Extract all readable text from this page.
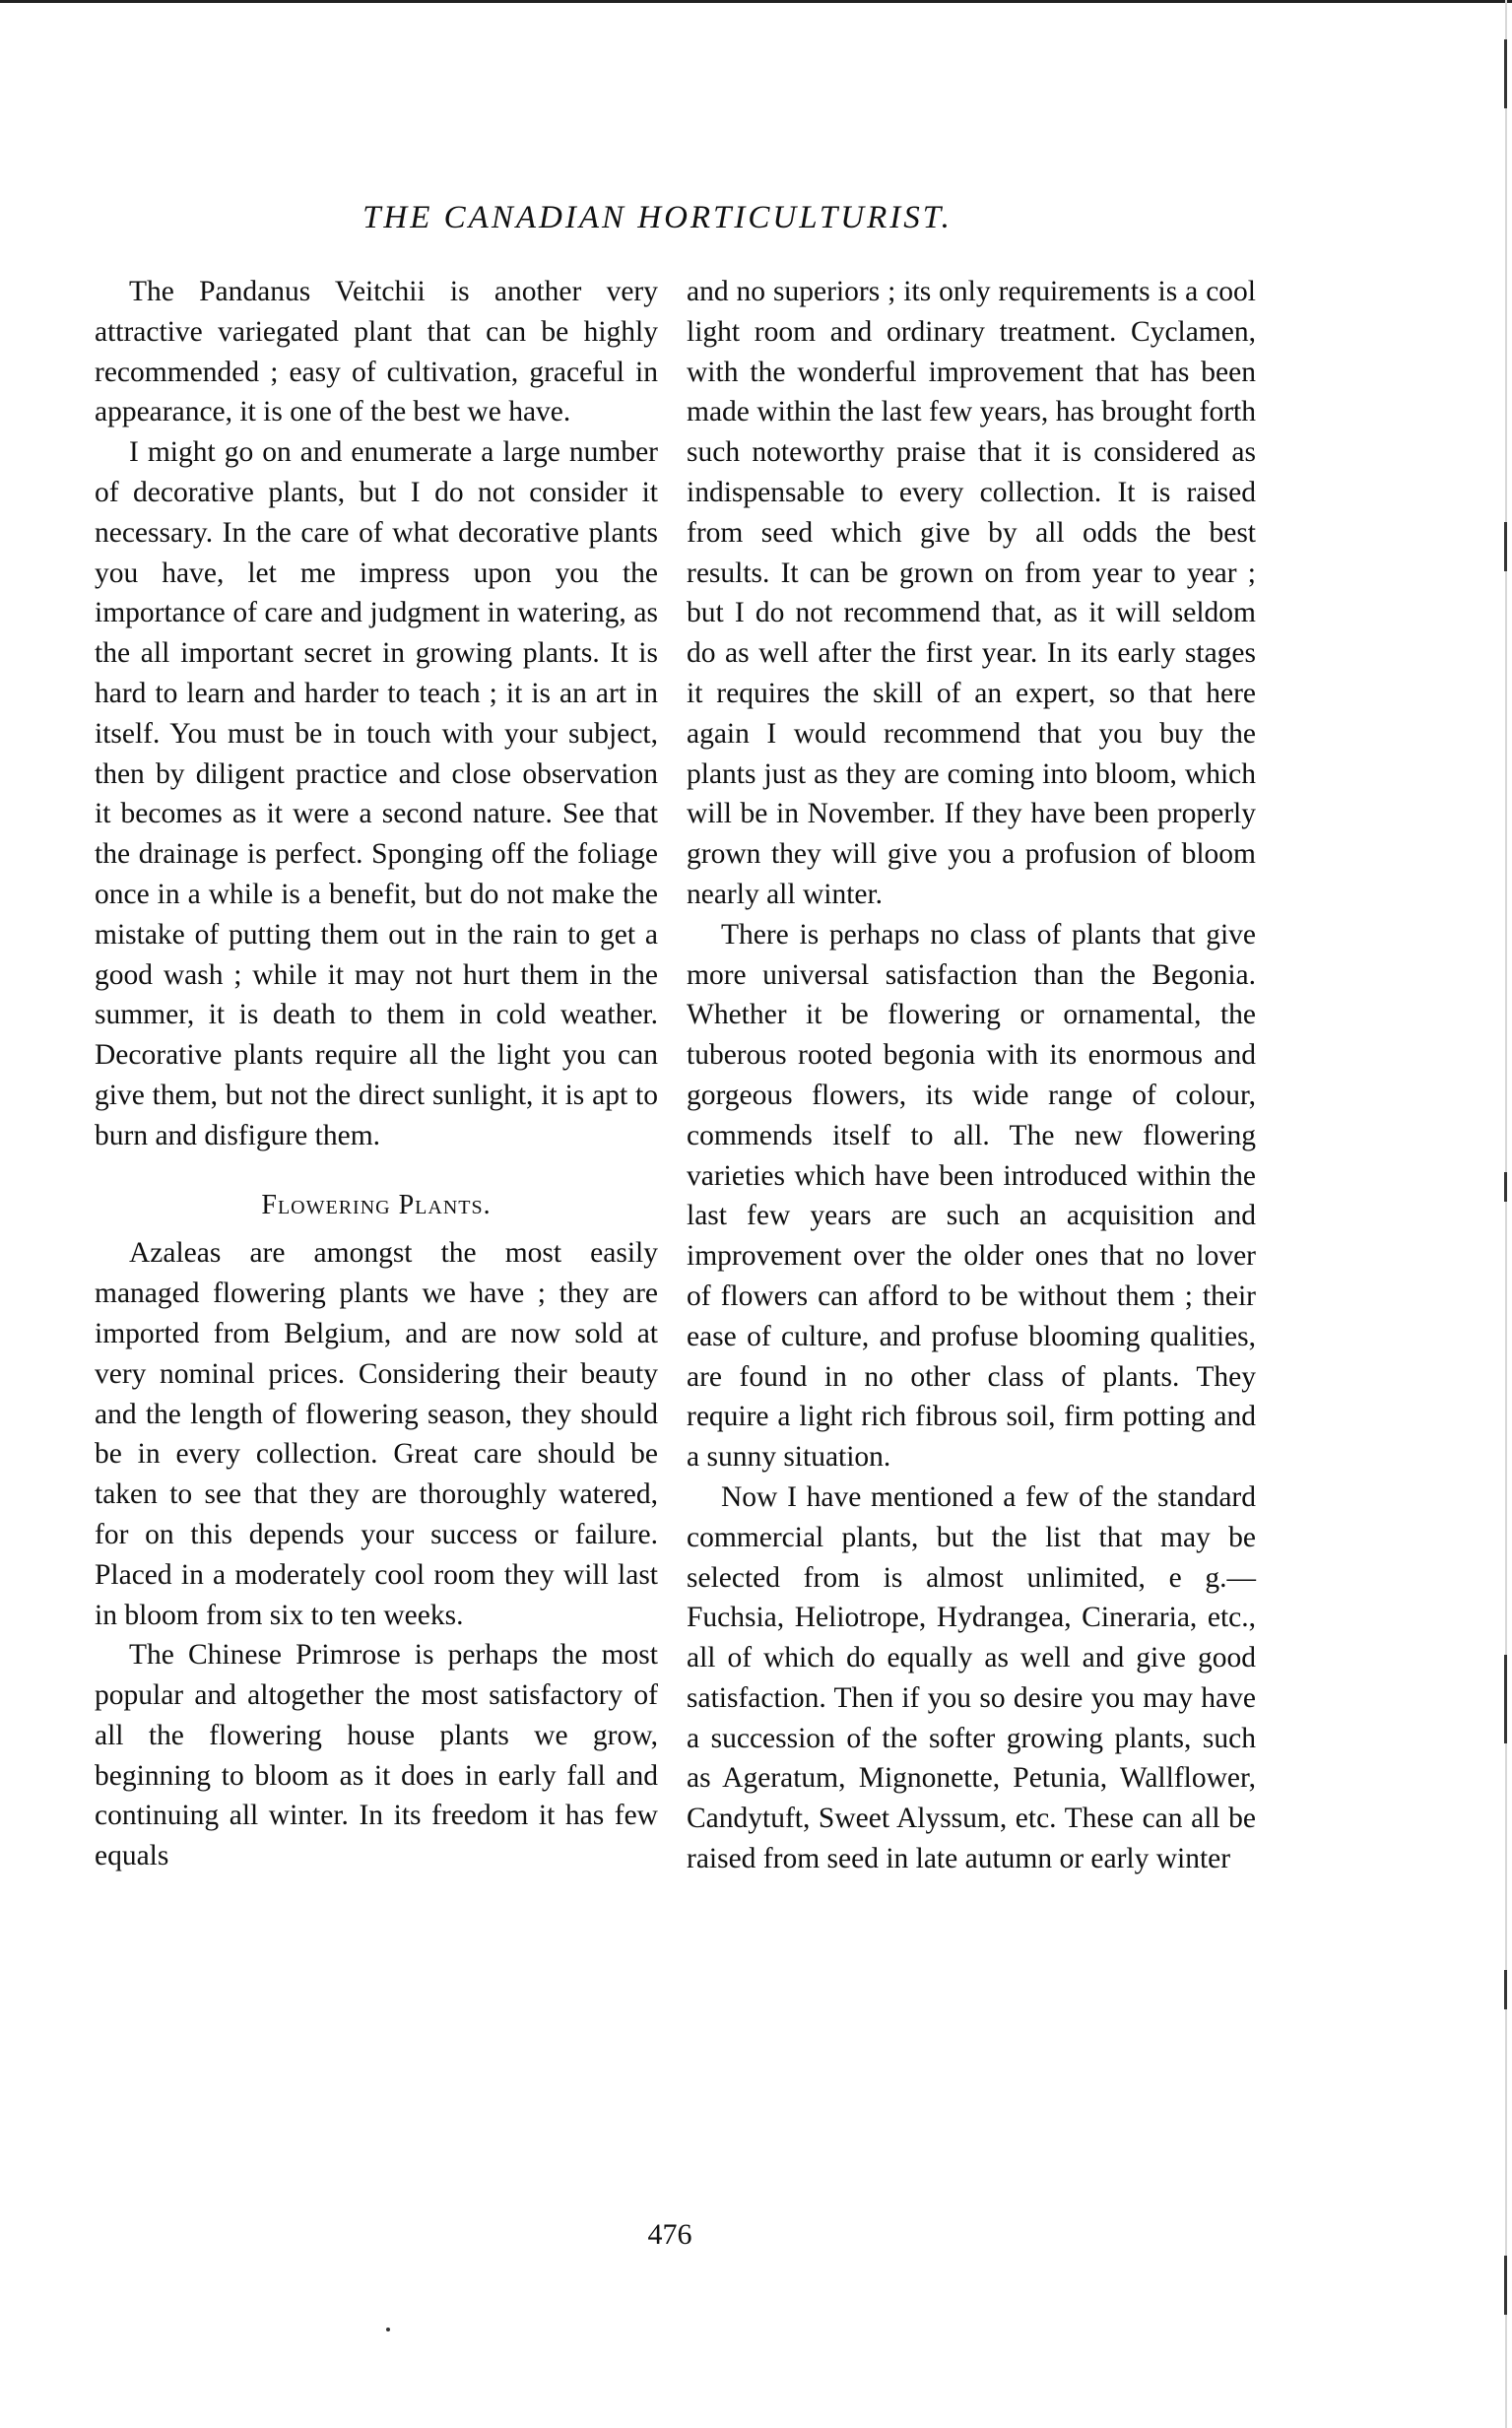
THE CANADIAN HORTICULTURIST.

The Pandanus Veitchii is another very attractive variegated plant that can be highly recommended ; easy of cultivation, graceful in appearance, it is one of the best we have.

I might go on and enumerate a large number of decorative plants, but I do not consider it necessary. In the care of what decorative plants you have, let me impress upon you the importance of care and judgment in watering, as the all important secret in growing plants. It is hard to learn and harder to teach ; it is an art in itself. You must be in touch with your subject, then by diligent practice and close observation it becomes as it were a second nature. See that the drainage is perfect. Sponging off the foliage once in a while is a benefit, but do not make the mistake of putting them out in the rain to get a good wash ; while it may not hurt them in the summer, it is death to them in cold weather. Decorative plants require all the light you can give them, but not the direct sunlight, it is apt to burn and disfigure them.

Flowering Plants.

Azaleas are amongst the most easily managed flowering plants we have ; they are imported from Belgium, and are now sold at very nominal prices. Considering their beauty and the length of flowering season, they should be in every collection. Great care should be taken to see that they are thoroughly watered, for on this depends your success or failure. Placed in a moderately cool room they will last in bloom from six to ten weeks.

The Chinese Primrose is perhaps the most popular and altogether the most satisfactory of all the flowering house plants we grow, beginning to bloom as it does in early fall and continuing all winter. In its freedom it has few equals

and no superiors ; its only requirements is a cool light room and ordinary treatment. Cyclamen, with the wonderful improvement that has been made within the last few years, has brought forth such noteworthy praise that it is considered as indispensable to every collection. It is raised from seed which give by all odds the best results. It can be grown on from year to year ; but I do not recommend that, as it will seldom do as well after the first year. In its early stages it requires the skill of an expert, so that here again I would recommend that you buy the plants just as they are coming into bloom, which will be in November. If they have been properly grown they will give you a profusion of bloom nearly all winter.

There is perhaps no class of plants that give more universal satisfaction than the Begonia. Whether it be flowering or ornamental, the tuberous rooted begonia with its enormous and gorgeous flowers, its wide range of colour, commends itself to all. The new flowering varieties which have been introduced within the last few years are such an acquisition and improvement over the older ones that no lover of flowers can afford to be without them ; their ease of culture, and profuse blooming qualities, are found in no other class of plants. They require a light rich fibrous soil, firm potting and a sunny situation.

Now I have mentioned a few of the standard commercial plants, but the list that may be selected from is almost unlimited, e g.—Fuchsia, Heliotrope, Hydrangea, Cineraria, etc., all of which do equally as well and give good satisfaction. Then if you so desire you may have a succession of the softer growing plants, such as Ageratum, Mignonette, Petunia, Wallflower, Candytuft, Sweet Alyssum, etc. These can all be raised from seed in late autumn or early winter

476
